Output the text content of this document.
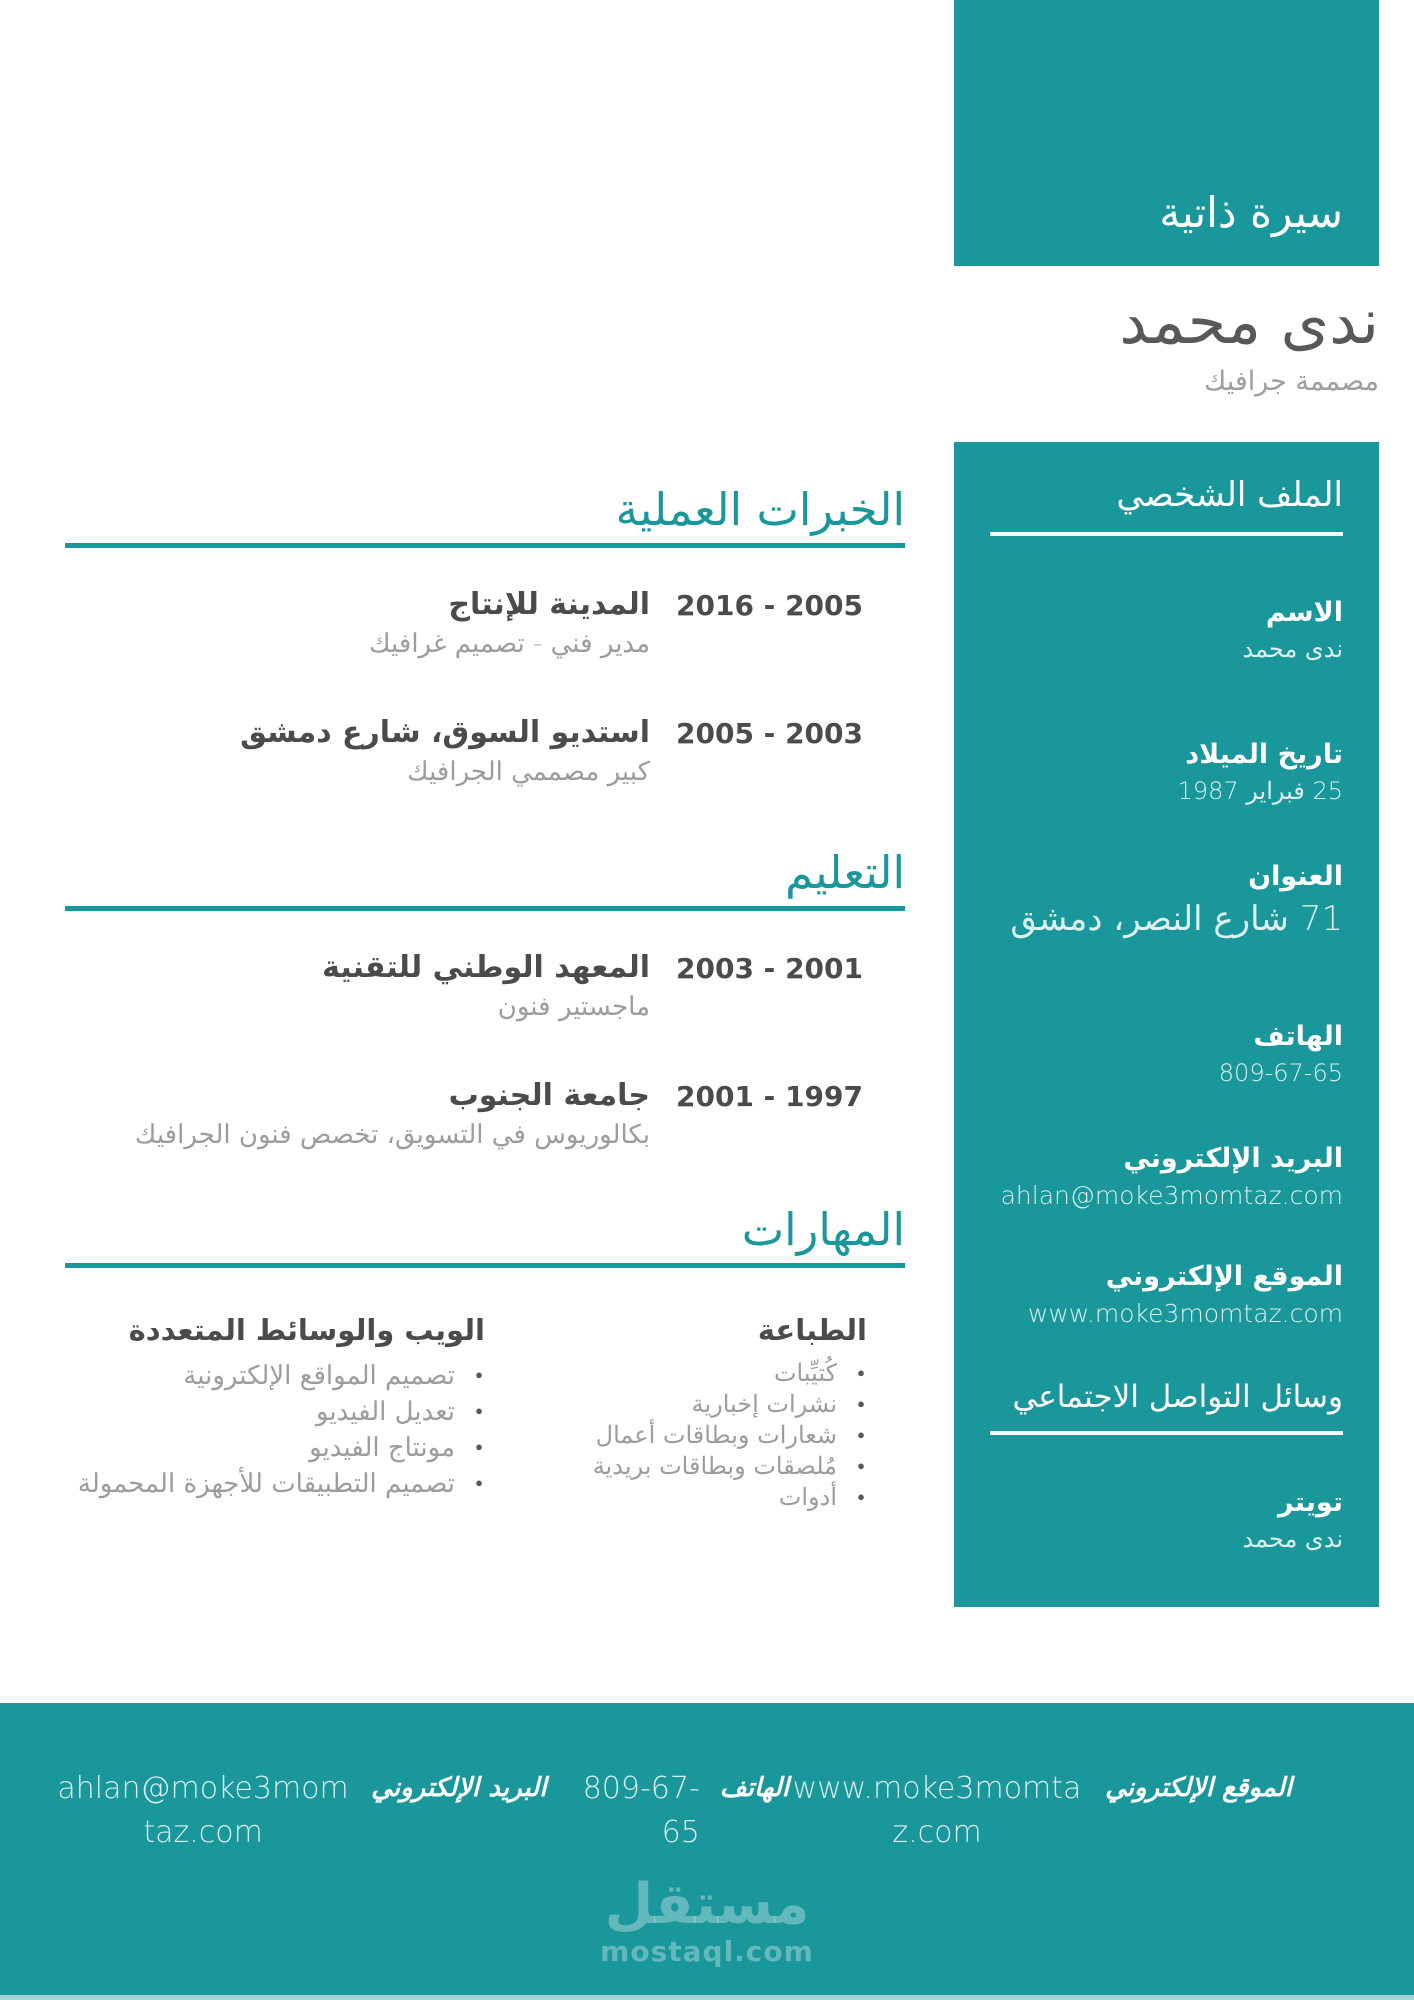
سيرة ذاتية
ندى محمد
مصممة جرافيك
الملف الشخصي
الاسم
ندى محمد
تاريخ الميلاد
25 فبراير 1987
العنوان
71 شارع النصر، دمشق
الهاتف
809-67-65
البريد الإلكتروني
ahlan@moke3momtaz.com
الموقع الإلكتروني
www.moke3momtaz.com
وسائل التواصل الاجتماعي
تويتر
ندى محمد
الخبرات العملية
2005 - 2016
المدينة للإنتاج
مدير فني - تصميم غرافيك
2003 - 2005
استديو السوق، شارع دمشق
كبير مصممي الجرافيك
التعليم
2001 - 2003
المعهد الوطني للتقنية
ماجستير فنون
1997 - 2001
جامعة الجنوب
بكالوريوس في التسويق، تخصص فنون الجرافيك
المهارات
الطباعة
● كُتيِّبات
● نشرات إخبارية
● شعارات وبطاقات أعمال
● مُلصقات وبطاقات بريدية
● أدوات
الويب والوسائط المتعددة
● تصميم المواقع الإلكترونية
● تعديل الفيديو
● مونتاج الفيديو
● تصميم التطبيقات للأجهزة المحمولة
الموقع الإلكتروني
www.moke3momtaz.com
الهاتف
809-67-65
البريد الإلكتروني
ahlan@moke3momtaz.com
مستقل
mostaql.com
